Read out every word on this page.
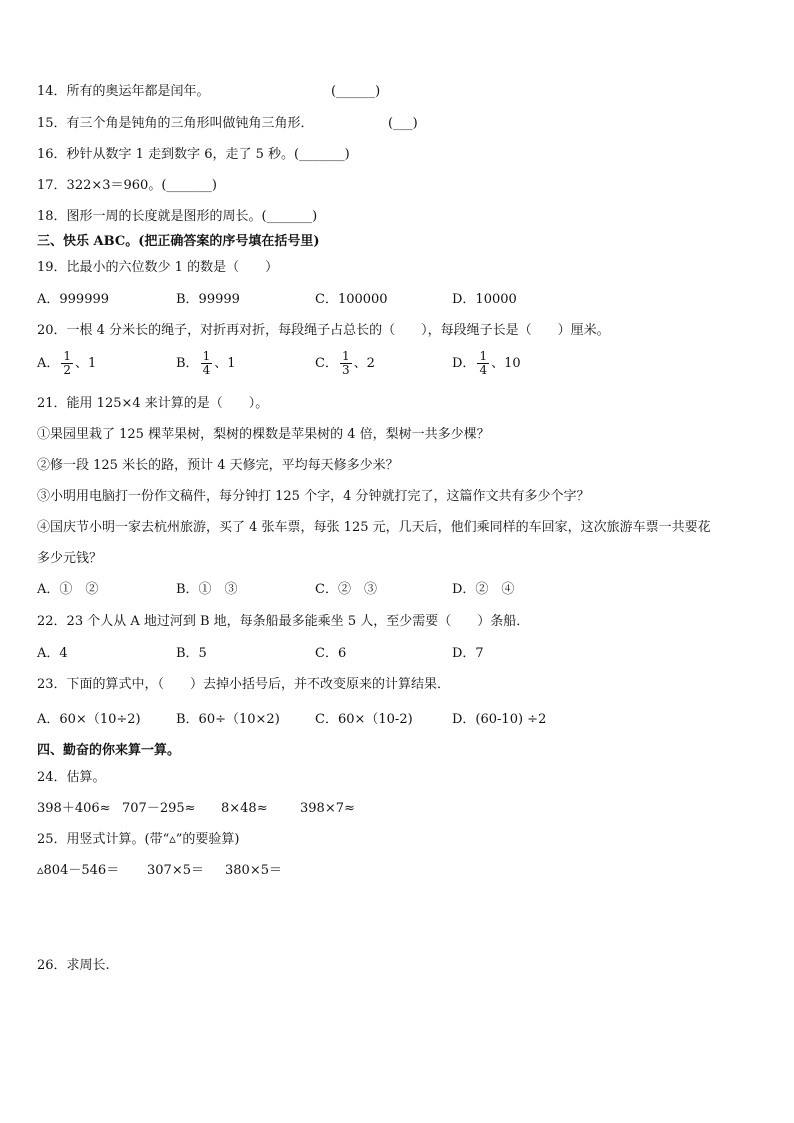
14．所有的奥运年都是闰年。	(______)
15．有三个角是钝角的三角形叫做钝角三角形．	(___)
16．秒针从数字 1 走到数字 6，走了 5 秒。(_______)
17．322×3＝960。(_______)
18．图形一周的长度就是图形的周长。(_______)
三、快乐 ABC。(把正确答案的序号填在括号里)
19．比最小的六位数少 1 的数是（　　）
A．999999	B．99999	C．100000	D．10000
20．一根 4 分米长的绳子，对折再对折，每段绳子占总长的（　　），每段绳子长是（　　）厘米。
A． $\frac{1}{2}$ 、1	B． $\frac{1}{4}$ 、1	C． $\frac{1}{3}$ 、2	D． $\frac{1}{4}$ 、10
21．能用 125×4 来计算的是（　　）。
①果园里栽了 125 棵苹果树，梨树的棵数是苹果树的 4 倍，梨树一共多少棵？
②修一段 125 米长的路，预计 4 天修完，平均每天修多少米？
③小明用电脑打一份作文稿件，每分钟打 125 个字，4 分钟就打完了，这篇作文共有多少个字？
④国庆节小明一家去杭州旅游，买了 4 张车票，每张 125 元，几天后，他们乘同样的车回家，这次旅游车票一共要花
多少元钱？
A．①　②	B．①　③	C．②　③	D．②　④
22．23 个人从 A 地过河到 B 地，每条船最多能乘坐 5 人，至少需要（　　）条船．
A．4	B．5	C．6	D．7
23．下面的算式中，（　　）去掉小括号后，并不改变原来的计算结果．
A．60×（10÷2)	B．60÷（10×2)	C．60×（10-2)	D．(60-10) ÷2
四、勤奋的你来算一算。
24．估算。
398＋406≈ 707－295≈ 8×48≈ 398×7≈
25．用竖式计算。(带“▵”的要验算)
▵804－546＝ 307×5＝ 380×5＝
26．求周长.
